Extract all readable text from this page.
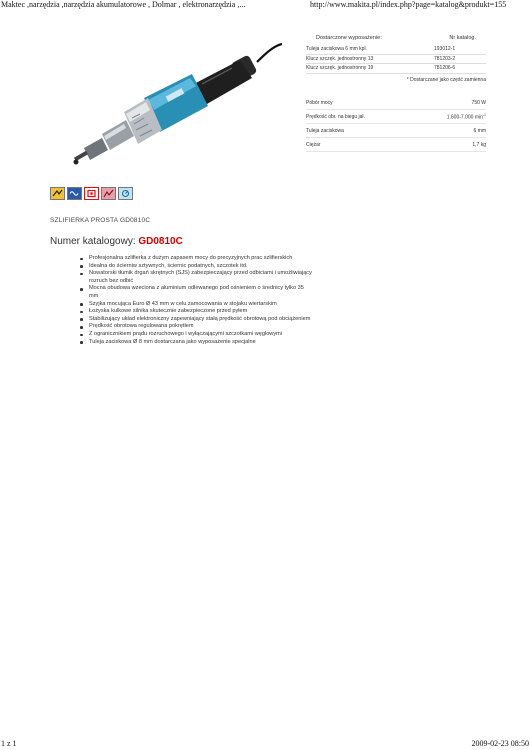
Maktec ,narzędzia ,narzędzia akumulatorowe , Dolmar , elektronarzędzia ,...	http://www.makita.pl/index.php?page=katalog&produkt=155
Dostarczone wyposażenie:	Nr katalog.
Tuleja zaciskowa 6 mm kpl.	193012-1
Klucz szczęk. jednostronny 13	781203-2
Klucz szczęk. jednostronny 19	781206-6
* Dostarczane jako część zamienna
Pobór mocy	750 W
Prędkość obr. na biegu jał.	1.600-7.000 $\min^{-1}$
Tuleja zaciskowa	6 mm
Ciężar	1,7 kg
SZLIFIERKA PROSTA GD0810C
Numer katalogowy: GD0810C
Profesjonalna szlifierka z dużym zapasem mocy do precyzyjnych prac szlifierskich
Idealna do ścierniw sztywnych, ściernic podatnych, szczotek itd.
Nowatorski tłumik drgań skrętnych (SJS) zabezpieczający przed odbiciami i umożliwiający rozruch bez odbić
Mocna obudowa wzeciona z aluminium odlewanego pod ośnieniem o średnicy tylko 35 mm
Szyjka mocująca Euro Ø 43 mm w celu zamocowania w stojaku wiertarskim
Łożyska kulkowe silnika skutecznie zabezpieczone przed pyłem
Stabilizujący układ elektroniczny zapewniający stałą prędkość obrotową pod obciążeniem
Prędkość obrotowa regulowana pokrętłem
Z ogranicznikiem prądu rozruchowego i wyłączającymi szczotkami węglowymi
Tuleja zaciskowa Ø 8 mm dostarczana jako wyposażenie specjalne
1 z 1	2009-02-23 08:50
